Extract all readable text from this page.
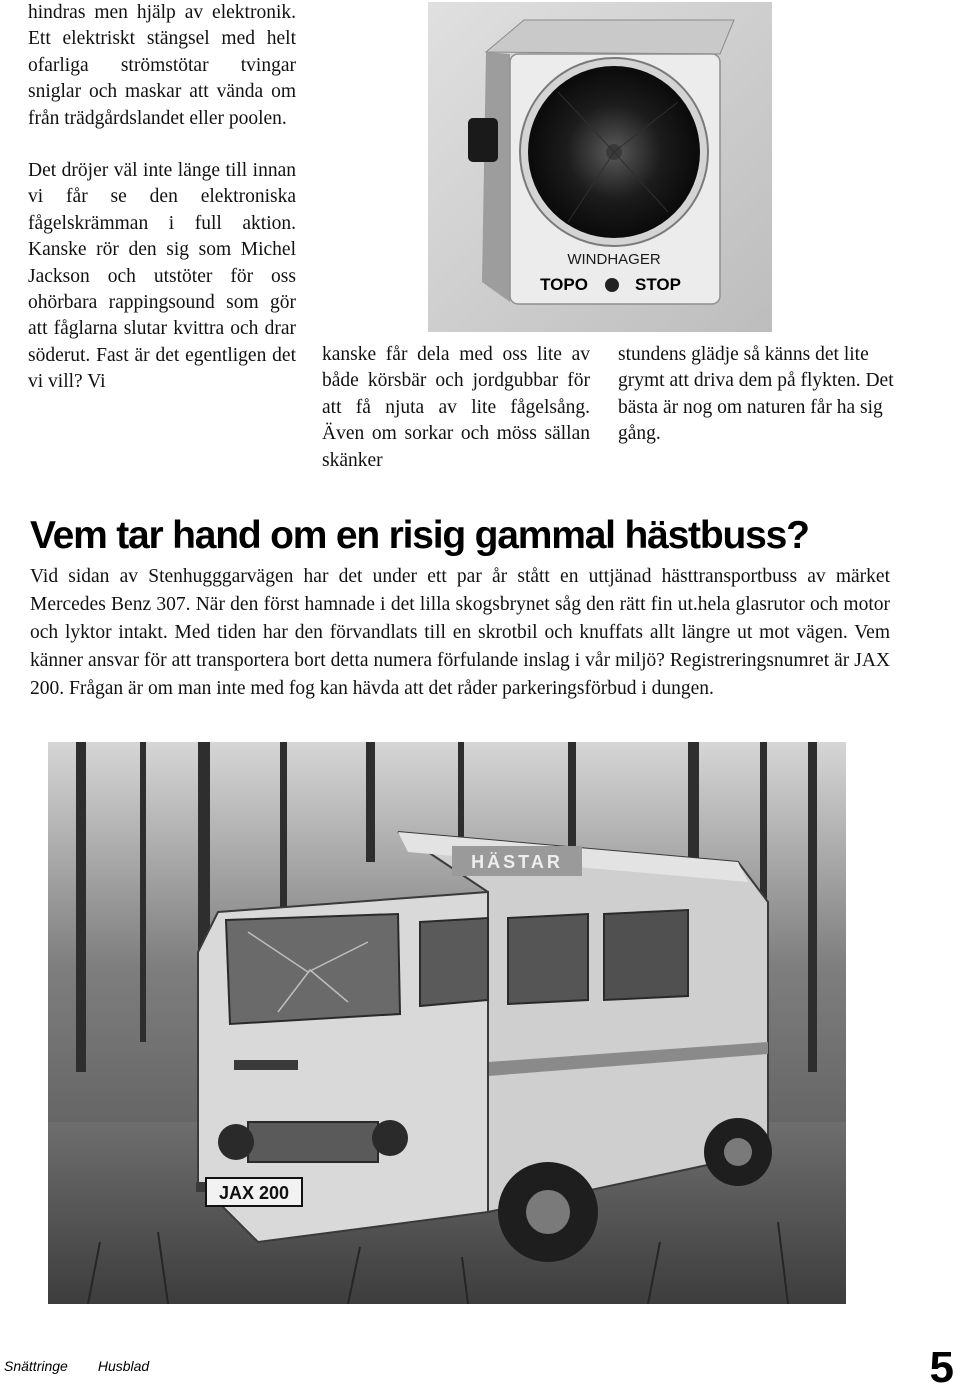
hindras men hjälp av elektronik. Ett elektriskt stängsel med helt ofarliga strömstötar tvingar sniglar och maskar att vända om från trädgårdslandet eller poolen.

Det dröjer väl inte länge till innan vi får se den elektroniska fågelskrämman i full aktion. Kanske rör den sig som Michel Jackson och utstöter för oss ohörbara rappingsound som gör att fåglarna slutar kvittra och drar söderut. Fast är det egentligen det vi vill? Vi

WINDHAGER
TOPO	STOP

kanske får dela med oss lite av både körsbär och jordgubbar för att få njuta av lite fågelsång. Även om sorkar och möss sällan skänker

stundens glädje så känns det lite grymt att driva dem på flykten. Det bästa är nog om naturen får ha sig gång.

Vem tar hand om en risig gammal hästbuss?

Vid sidan av Stenhugggarvägen har det under ett par år stått en uttjänad hästtransportbuss av märket Mercedes Benz 307. När den först hamnade i det lilla skogsbrynet såg den rätt fin ut.hela glasrutor och motor och lyktor intakt. Med tiden har den förvandlats till en skrotbil och knuffats allt längre ut mot vägen. Vem känner ansvar för att transportera bort detta numera förfulande inslag i vår miljö? Registreringsnumret är JAX 200. Frågan är om man inte med fog kan hävda att det råder parkeringsförbud i dungen.

HÄSTAR
JAX 200
Snättringe Husblad	5
